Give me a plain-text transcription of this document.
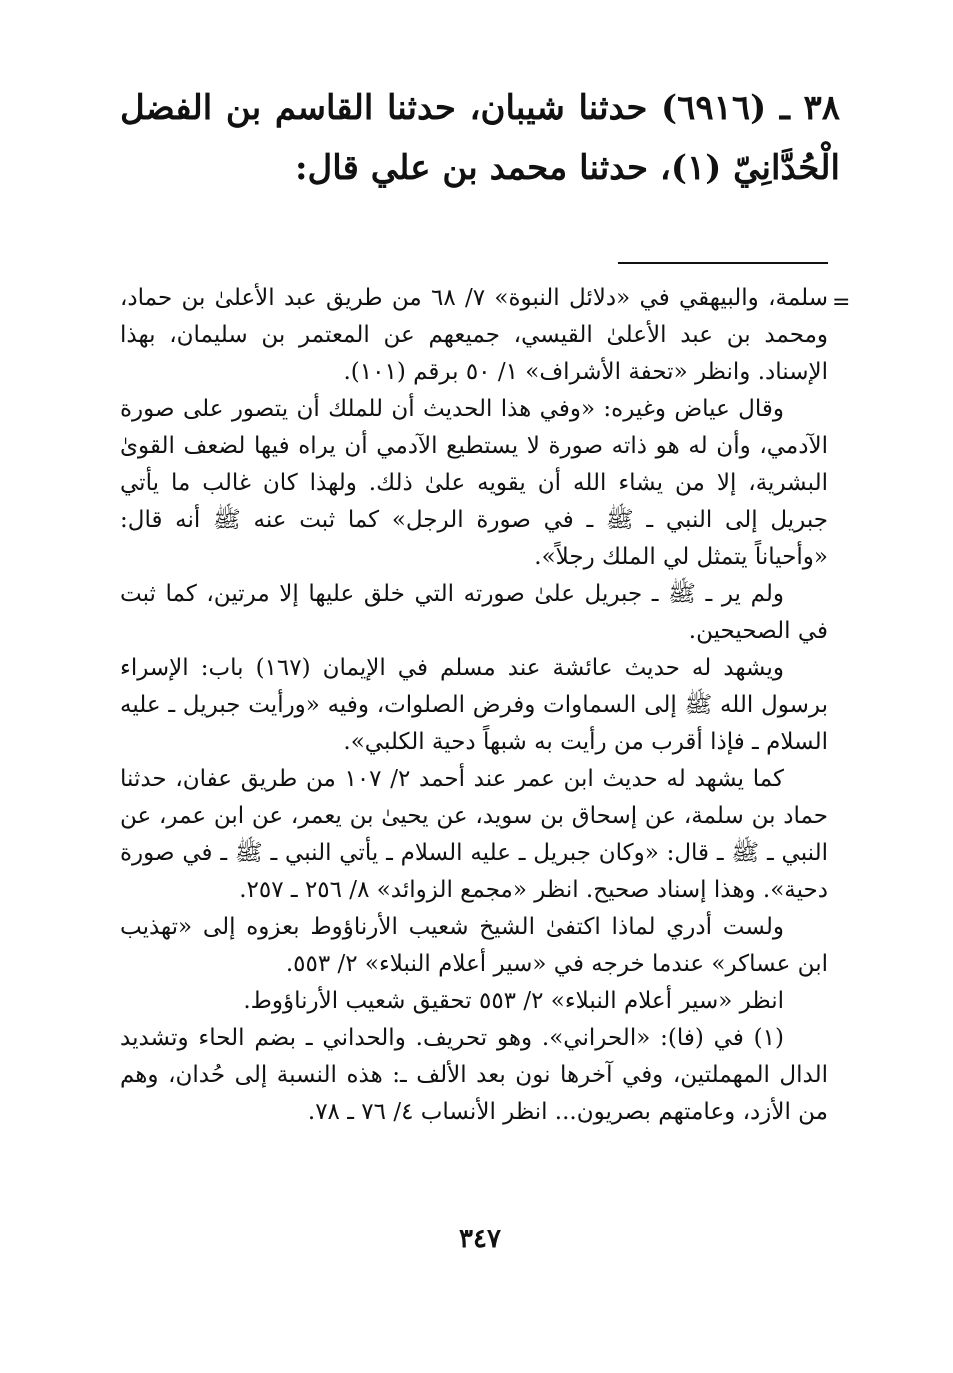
٣٨ ـ (٦٩١٦) حدثنا شيبان، حدثنا القاسم بن الفضل الْحُدَّانِيّ (١)، حدثنا محمد بن علي قال:

=

سلمة، والبيهقي في «دلائل النبوة» ٧/ ٦٨ من طريق عبد الأعلىٰ بن حماد، ومحمد بن عبد الأعلىٰ القيسي، جميعهم عن المعتمر بن سليمان، بهذا الإسناد. وانظر «تحفة الأشراف» ١/ ٥٠ برقم (١٠١).

وقال عياض وغيره: «وفي هذا الحديث أن للملك أن يتصور على صورة الآدمي، وأن له هو ذاته صورة لا يستطيع الآدمي أن يراه فيها لضعف القوىٰ البشرية، إلا من يشاء الله أن يقويه علىٰ ذلك. ولهذا كان غالب ما يأتي جبريل إلى النبي ـ ﷺ ـ في صورة الرجل» كما ثبت عنه ﷺ أنه قال: «وأحياناً يتمثل لي الملك رجلاً».

ولم ير ـ ﷺ ـ جبريل علىٰ صورته التي خلق عليها إلا مرتين، كما ثبت في الصحيحين.

ويشهد له حديث عائشة عند مسلم في الإيمان (١٦٧) باب: الإسراء برسول الله ﷺ إلى السماوات وفرض الصلوات، وفيه «ورأيت جبريل ـ عليه السلام ـ فإذا أقرب من رأيت به شبهاً دحية الكلبي».

كما يشهد له حديث ابن عمر عند أحمد ٢/ ١٠٧ من طريق عفان، حدثنا حماد بن سلمة، عن إسحاق بن سويد، عن يحيىٰ بن يعمر، عن ابن عمر، عن النبي ـ ﷺ ـ قال: «وكان جبريل ـ عليه السلام ـ يأتي النبي ـ ﷺ ـ في صورة دحية». وهذا إسناد صحيح. انظر «مجمع الزوائد» ٨/ ٢٥٦ ـ ٢٥٧.

ولست أدري لماذا اكتفىٰ الشيخ شعيب الأرناؤوط بعزوه إلى «تهذيب ابن عساكر» عندما خرجه في «سير أعلام النبلاء» ٢/ ٥٥٣.

انظر «سير أعلام النبلاء» ٢/ ٥٥٣ تحقيق شعيب الأرناؤوط.

(١) في (فا): «الحراني». وهو تحريف. والحداني ـ بضم الحاء وتشديد الدال المهملتين، وفي آخرها نون بعد الألف ـ: هذه النسبة إلى حُدان، وهم من الأزد، وعامتهم بصريون... انظر الأنساب ٤/ ٧٦ ـ ٧٨.

٣٤٧
